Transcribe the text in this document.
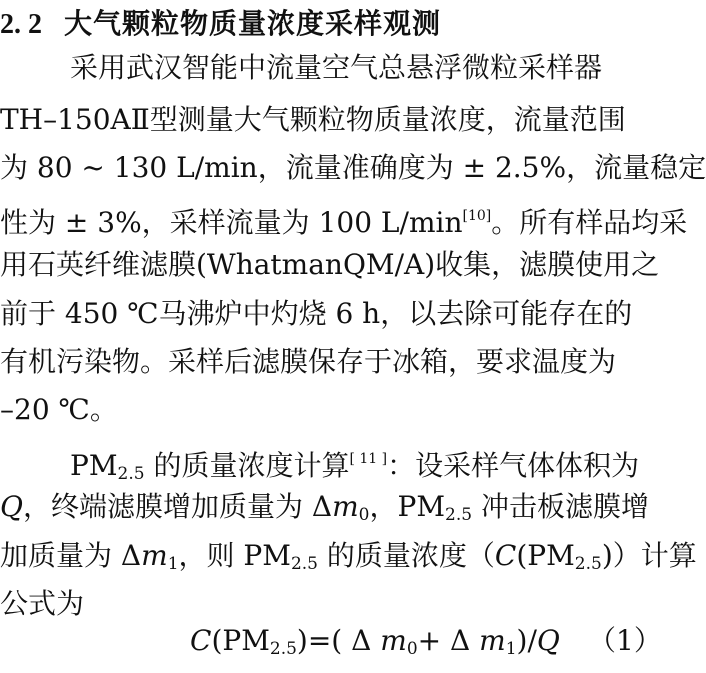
2. 2 大气颗粒物质量浓度采样观测
采用武汉智能中流量空气总悬浮微粒采样器
TH–150AⅡ型测量大气颗粒物质量浓度，流量范围
为 80 ~ 130 L/min，流量准确度为 ± 2.5%，流量稳定
性为 ± 3%，采样流量为 100 L/min[10]。所有样品均采
用石英纤维滤膜(WhatmanQM/A)收集，滤膜使用之
前于 450 ℃马沸炉中灼烧 6 h，以去除可能存在的
有机污染物。采样后滤膜保存于冰箱，要求温度为
–20 ℃。
$PM_{2.5}$ 的质量浓度计算[ 11 ]：设采样气体体积为
Q，终端滤膜增加质量为 $\Delta m_0$，$PM_{2.5}$ 冲击板滤膜增
加质量为 $\Delta m_1$，则 $PM_{2.5}$ 的质量浓度$(C(PM_{2.5}))$计算
公式为
$C(PM_{2.5})=$( Δ $m_0+ \Delta$ $m_1)/Q$	（1）
